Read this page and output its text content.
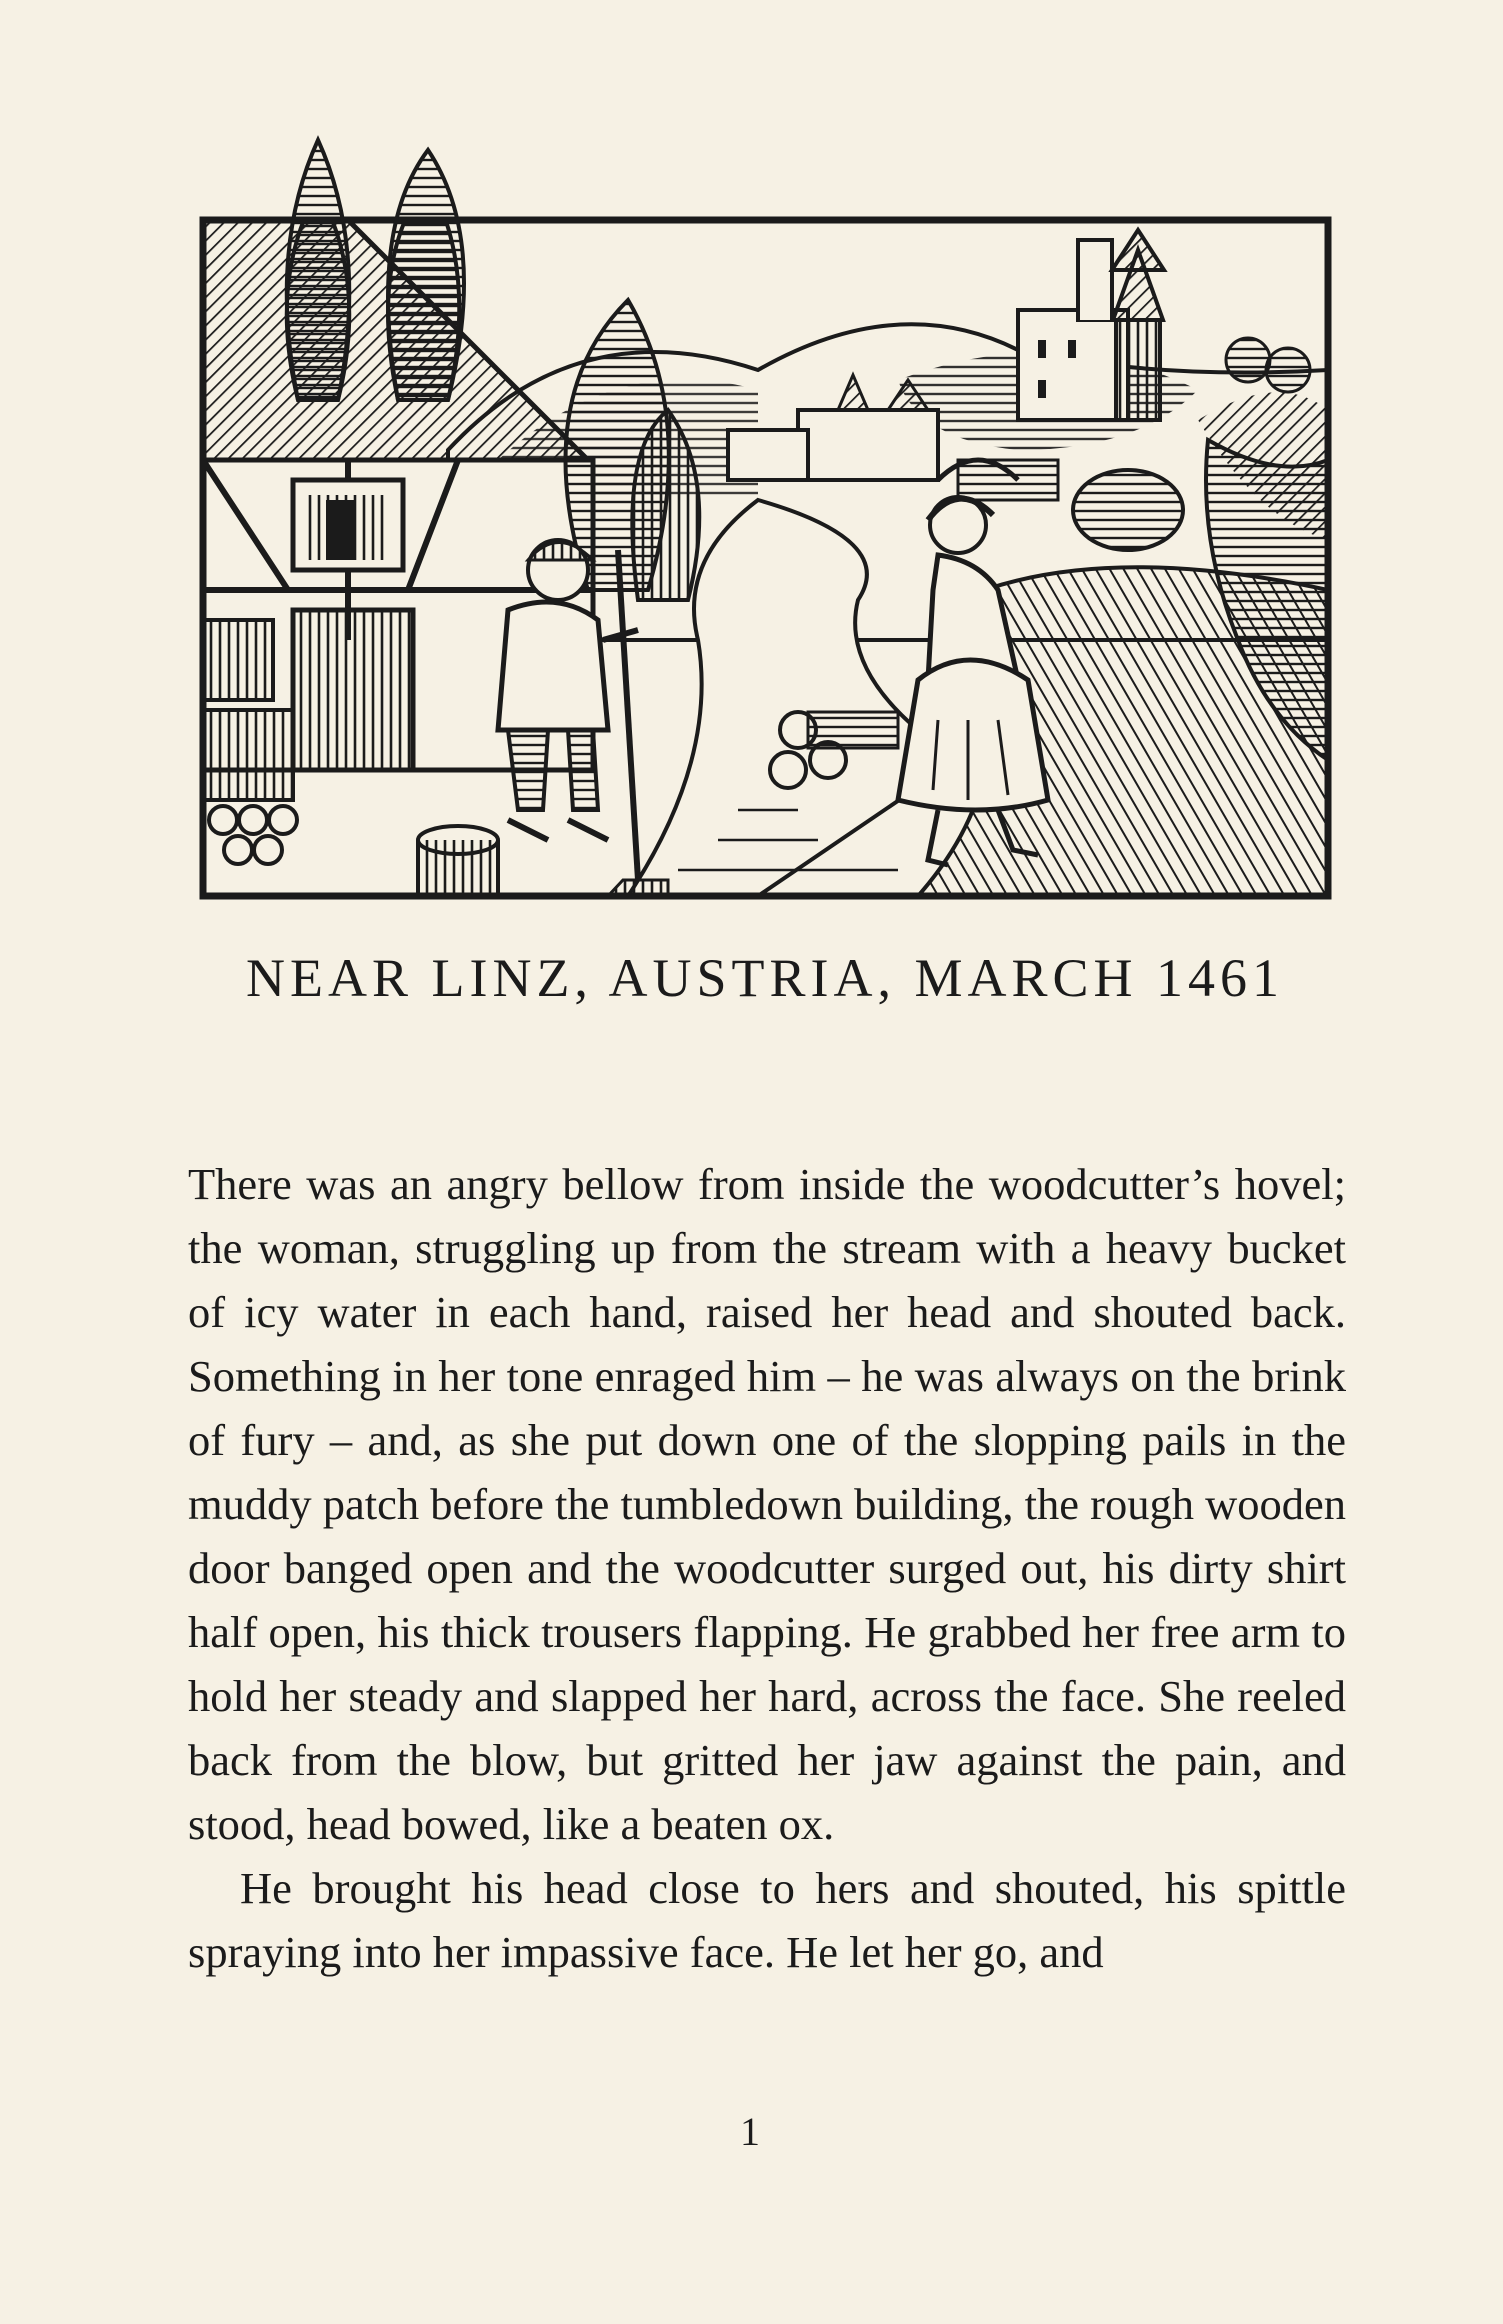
NEAR LINZ, AUSTRIA, MARCH 1461

There was an angry bellow from inside the woodcutter’s hovel; the woman, struggling up from the stream with a heavy bucket of icy water in each hand, raised her head and shouted back. Something in her tone enraged him – he was always on the brink of fury – and, as she put down one of the slopping pails in the muddy patch before the tumbledown building, the rough wooden door banged open and the woodcutter surged out, his dirty shirt half open, his thick trousers flapping. He grabbed her free arm to hold her steady and slapped her hard, across the face. She reeled back from the blow, but gritted her jaw against the pain, and stood, head bowed, like a beaten ox.

He brought his head close to hers and shouted, his spittle spraying into her impassive face. He let her go, and

1
